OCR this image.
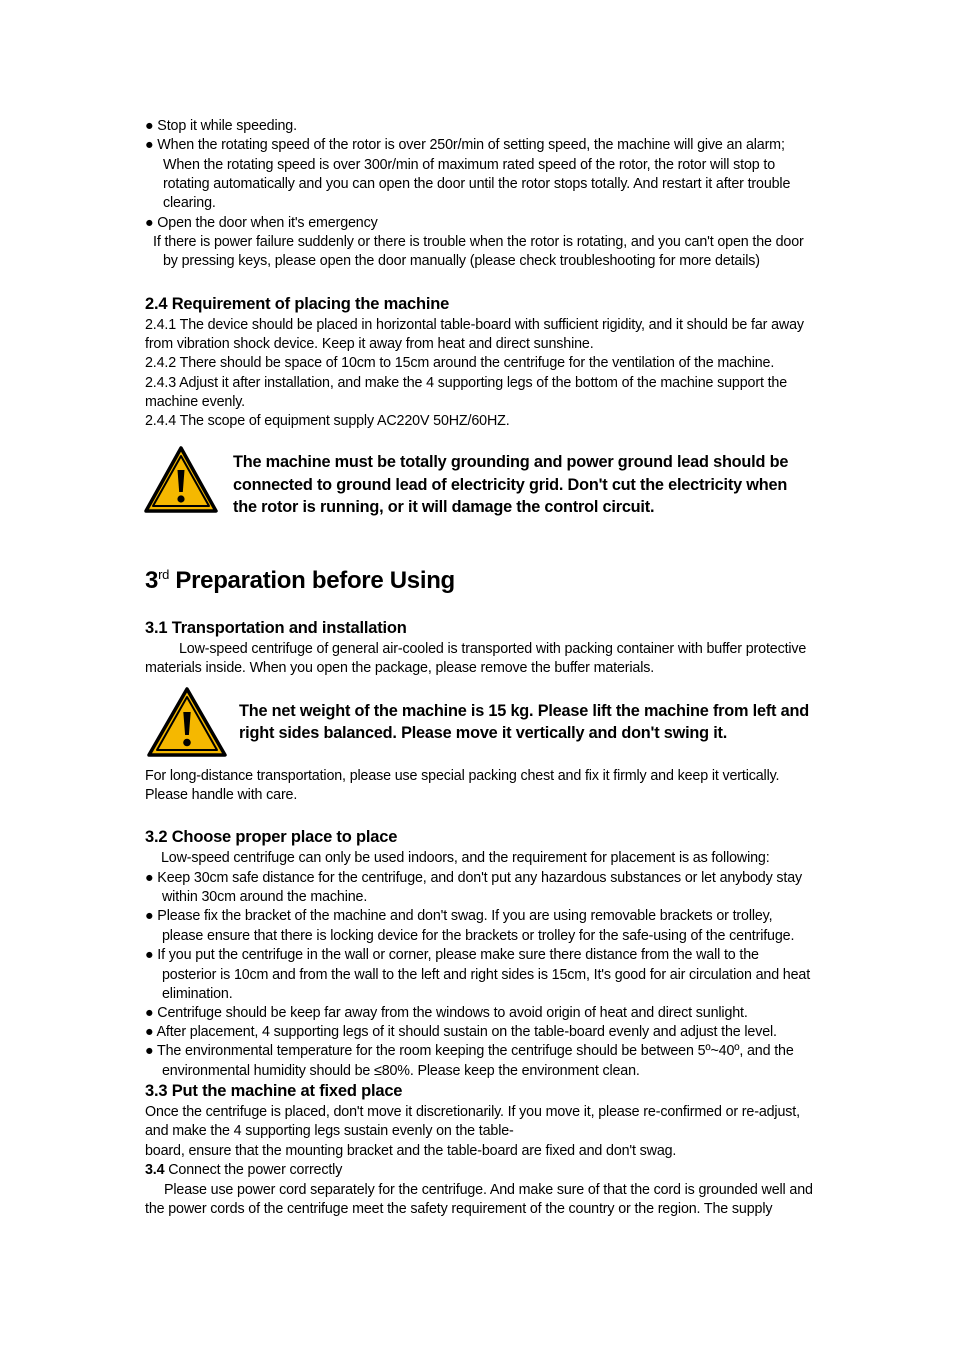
● Stop it while speeding.
● When the rotating speed of the rotor is over 250r/min of setting speed, the machine will give an alarm;
When the rotating speed is over 300r/min of maximum rated speed of the rotor, the rotor will stop to
rotating automatically and you can open the door until the rotor stops totally. And restart it after trouble
clearing.
● Open the door when it's emergency
If there is power failure suddenly or there is trouble when the rotor is rotating, and you can't open the door
by pressing keys, please open the door manually (please check troubleshooting for more details)
2.4 Requirement of placing the machine
2.4.1 The device should be placed in horizontal table-board with sufficient rigidity, and it should be far away
from vibration shock device. Keep it away from heat and direct sunshine.
2.4.2 There should be space of 10cm to 15cm around the centrifuge for the ventilation of the machine.
2.4.3 Adjust it after installation, and make the 4 supporting legs of the bottom of the machine support the
machine evenly.
2.4.4 The scope of equipment supply AC220V 50HZ/60HZ.
The machine must be totally grounding and power ground lead should be
connected to ground lead of electricity grid. Don't cut the electricity when
the rotor is running, or it will damage the control circuit.
3rd Preparation before Using
3.1 Transportation and installation
Low-speed centrifuge of general air-cooled is transported with packing container with buffer protective
materials inside. When you open the package, please remove the buffer materials.
The net weight of the machine is 15 kg. Please lift the machine from left and
right sides balanced. Please move it vertically and don't swing it.
For long-distance transportation, please use special packing chest and fix it firmly and keep it vertically.
Please handle with care.
3.2 Choose proper place to place
Low-speed centrifuge can only be used indoors, and the requirement for placement is as following:
● Keep 30cm safe distance for the centrifuge, and don't put any hazardous substances or let anybody stay
within 30cm around the machine.
● Please fix the bracket of the machine and don't swag. If you are using removable brackets or trolley,
please ensure that there is locking device for the brackets or trolley for the safe-using of the centrifuge.
● If you put the centrifuge in the wall or corner, please make sure there distance from the wall to the
posterior is 10cm and from the wall to the left and right sides is 15cm, It's good for air circulation and heat
elimination.
● Centrifuge should be keep far away from the windows to avoid origin of heat and direct sunlight.
● After placement, 4 supporting legs of it should sustain on the table-board evenly and adjust the level.
● The environmental temperature for the room keeping the centrifuge should be between 5º~40º, and the
environmental humidity should be ≤80%. Please keep the environment clean.
3.3 Put the machine at fixed place
Once the centrifuge is placed, don't move it discretionarily. If you move it, please re-confirmed or re-adjust,
and make the 4 supporting legs sustain evenly on the table-
board, ensure that the mounting bracket and the table-board are fixed and don't swag.
3.4 Connect the power correctly
Please use power cord separately for the centrifuge. And make sure of that the cord is grounded well and
the power cords of the centrifuge meet the safety requirement of the country or the region. The supply
